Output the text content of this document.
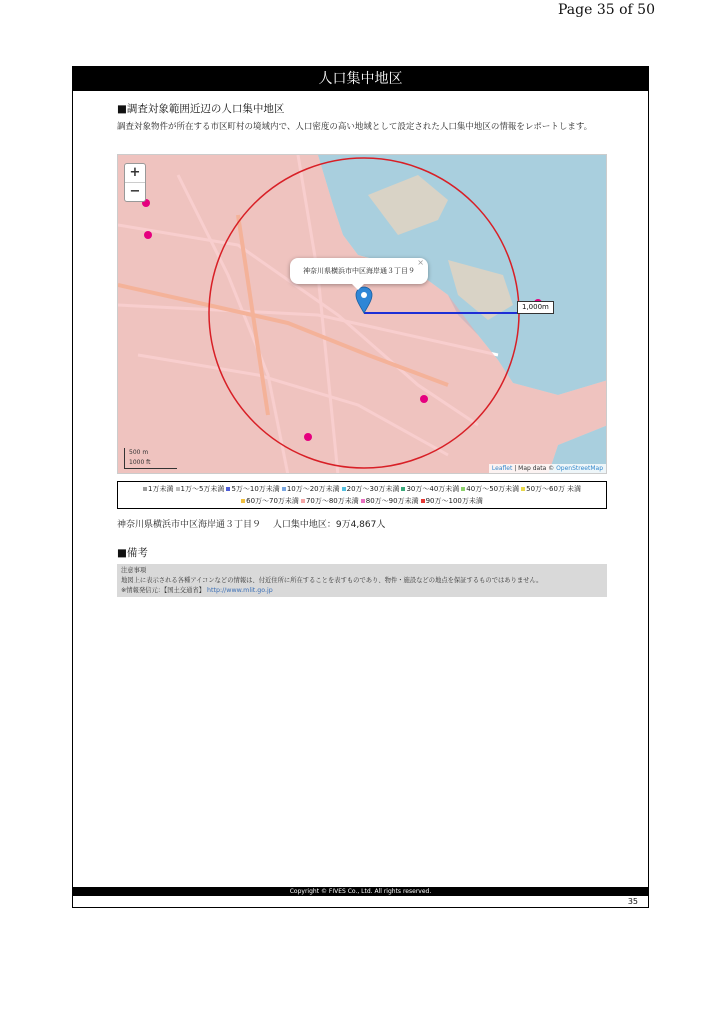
Page 35 of 50
人口集中地区
■調査対象範囲近辺の人口集中地区
調査対象物件が所在する市区町村の境域内で、人口密度の高い地域として設定された人口集中地区の情報をレポートします。
+
−
神奈川県横浜市中区海岸通３丁目９
×
1,000m
500 m
1000 ft
Leaflet | Map data © OpenStreetMap
1万未満 1万〜5万未満 5万〜10万未満 10万〜20万未満 20万〜30万未満 30万〜40万未満 40万〜50万未満 50万〜60万 未満60万〜70万未満 70万〜80万未満 80万〜90万未満 90万〜100万未満
神奈川県横浜市中区海岸通３丁目９　 人口集中地区：9万4,867人
■備考
注意事項
地図上に表示される各種アイコンなどの情報は、付近住所に所在することを表すものであり、物件・施設などの地点を保証するものではありません。
※情報発信元：【国土交通省】 http://www.mlit.go.jp
Copyright © FIVES Co., Ltd. All rights reserved.
35
